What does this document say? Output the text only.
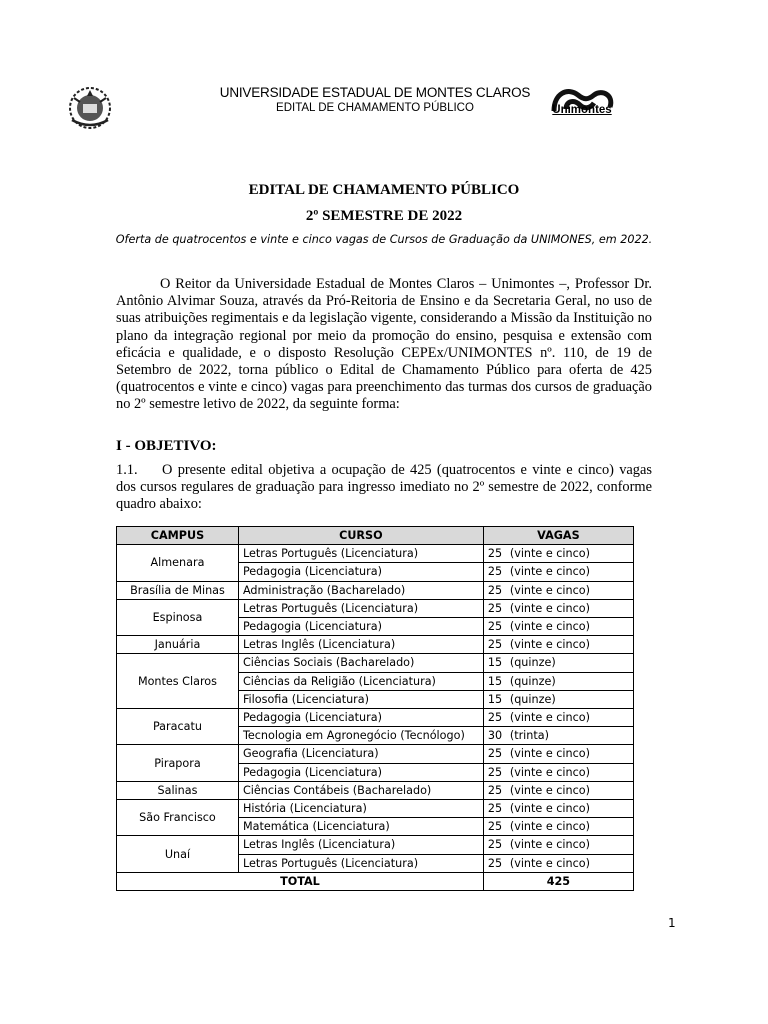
UNIVERSIDADE ESTADUAL DE MONTES CLAROS
EDITAL DE CHAMAMENTO PÚBLICO	Unimontes
EDITAL DE CHAMAMENTO PÚBLICO
2º SEMESTRE DE 2022
Oferta de quatrocentos e vinte e cinco vagas de Cursos de Graduação da UNIMONES, em 2022.
O Reitor da Universidade Estadual de Montes Claros – Unimontes –, Professor Dr. Antônio Alvimar Souza, através da Pró-Reitoria de Ensino e da Secretaria Geral, no uso de suas atribuições regimentais e da legislação vigente, considerando a Missão da Instituição no plano da integração regional por meio da promoção do ensino, pesquisa e extensão com eficácia e qualidade, e o disposto Resolução CEPEx/UNIMONTES nº. 110, de 19 de Setembro de 2022, torna público o Edital de Chamamento Público para oferta de 425 (quatrocentos e vinte e cinco) vagas para preenchimento das turmas dos cursos de graduação no 2º semestre letivo de 2022, da seguinte forma:
I - OBJETIVO:
1.1. O presente edital objetiva a ocupação de 425 (quatrocentos e vinte e cinco) vagas dos cursos regulares de graduação para ingresso imediato no 2º semestre de 2022, conforme quadro abaixo:
CAMPUS	CURSO	VAGAS
Almenara	Letras Português (Licenciatura)	25 (vinte e cinco)
	Pedagogia (Licenciatura)	25 (vinte e cinco)
Brasília de Minas	Administração (Bacharelado)	25 (vinte e cinco)
Espinosa	Letras Português (Licenciatura)	25 (vinte e cinco)
	Pedagogia (Licenciatura)	25 (vinte e cinco)
Januária	Letras Inglês (Licenciatura)	25 (vinte e cinco)
Montes Claros	Ciências Sociais (Bacharelado)	15 (quinze)
	Ciências da Religião (Licenciatura)	15 (quinze)
	Filosofia (Licenciatura)	15 (quinze)
Paracatu	Pedagogia (Licenciatura)	25 (vinte e cinco)
	Tecnologia em Agronegócio (Tecnólogo)	30 (trinta)
Pirapora	Geografia (Licenciatura)	25 (vinte e cinco)
	Pedagogia (Licenciatura)	25 (vinte e cinco)
Salinas	Ciências Contábeis (Bacharelado)	25 (vinte e cinco)
São Francisco	História (Licenciatura)	25 (vinte e cinco)
	Matemática (Licenciatura)	25 (vinte e cinco)
Unaí	Letras Inglês (Licenciatura)	25 (vinte e cinco)
	Letras Português (Licenciatura)	25 (vinte e cinco)
TOTAL		425
1
